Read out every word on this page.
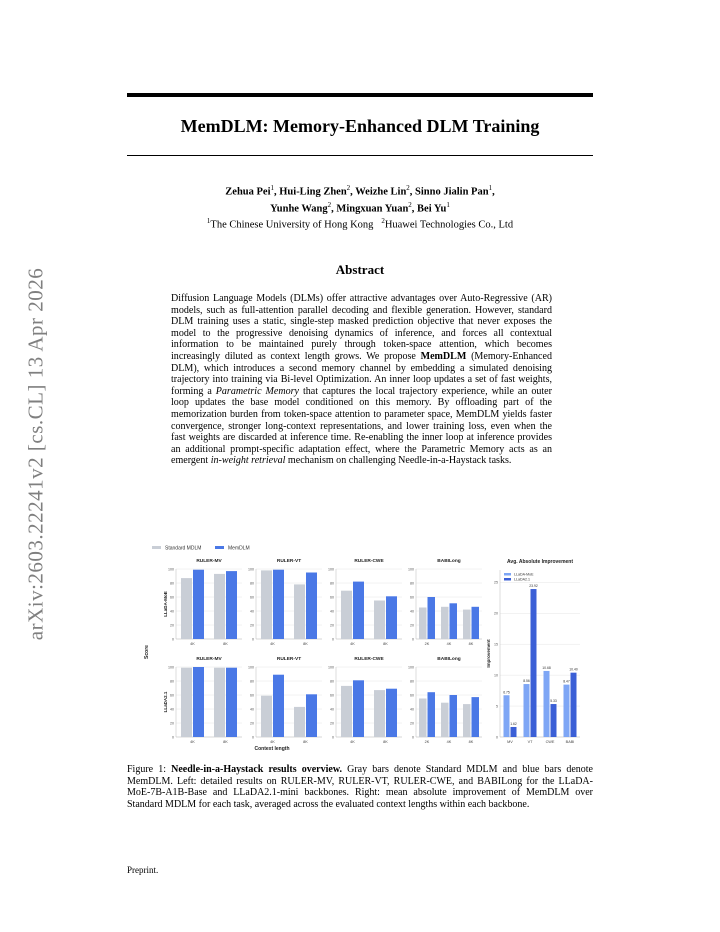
arXiv:2603.22241v2 [cs.CL] 13 Apr 2026
MemDLM: Memory-Enhanced DLM Training
Zehua Pei$^1$, Hui-Ling Zhen$^2$, Weizhe Lin$^2$, Sinno Jialin Pan$^1$,
Yunhe Wang$^2$, Mingxuan Yuan$^2$, Bei Yu$^1$
$^1$The Chinese University of Hong Kong $^2$Huawei Technologies Co., Ltd
Abstract
Diffusion Language Models (DLMs) offer attractive advantages over Auto-Regressive (AR) models, such as full-attention parallel decoding and flexible generation. However, standard DLM training uses a static, single-step masked prediction objective that never exposes the model to the progressive denoising dynamics of inference, and forces all contextual information to be maintained purely through token-space attention, which becomes increasingly diluted as context length grows. We propose MemDLM (Memory-Enhanced DLM), which introduces a second memory channel by embedding a simulated denoising trajectory into training via Bi-level Optimization. An inner loop updates a set of fast weights, forming a Parametric Memory that captures the local trajectory experience, while an outer loop updates the base model conditioned on this memory. By offloading part of the memorization burden from token-space attention to parameter space, MemDLM yields faster convergence, stronger long-context representations, and lower training loss, even when the fast weights are discarded at inference time. Re-enabling the inner loop at inference provides an additional prompt-specific adaptation effect, where the Parametric Memory acts as an emergent in-weight retrieval mechanism on challenging Needle-in-a-Haystack tasks.
Standard MDLM	MemDLM
Score
Context length
LLaDA-MoE
RULER-MV
0
20
40
60
80
100
4K	8K
RULER-VT
0
20
40
60
80
100
4K	8K
RULER-CWE
0
20
40
60
80
100
4K	8K
BABILong
0
20
40
60
80
100
2K	4K	8K
LLaDA2.1
RULER-MV
0
20
40
60
80
100
4K	8K
RULER-VT
0
20
40
60
80
100
4K	8K
RULER-CWE
0
20
40
60
80
100
4K	8K
BABILong
0
20
40
60
80
100
2K	4K	8K
Avg. Absolute Improvement
Improvement
0
5
10
15
20
25
6.75
1.62
MV
8.56
23.92
VT
10.68
5.33
CWE
8.47
10.40
BABI
LLaDA-MoE
LLaDA2.1
Figure 1: Needle-in-a-Haystack results overview. Gray bars denote Standard MDLM and blue bars denote MemDLM. Left: detailed results on RULER-MV, RULER-VT, RULER-CWE, and BABILong for the LLaDA-MoE-7B-A1B-Base and LLaDA2.1-mini backbones. Right: mean absolute improvement of MemDLM over Standard MDLM for each task, averaged across the evaluated context lengths within each backbone.
Preprint.
